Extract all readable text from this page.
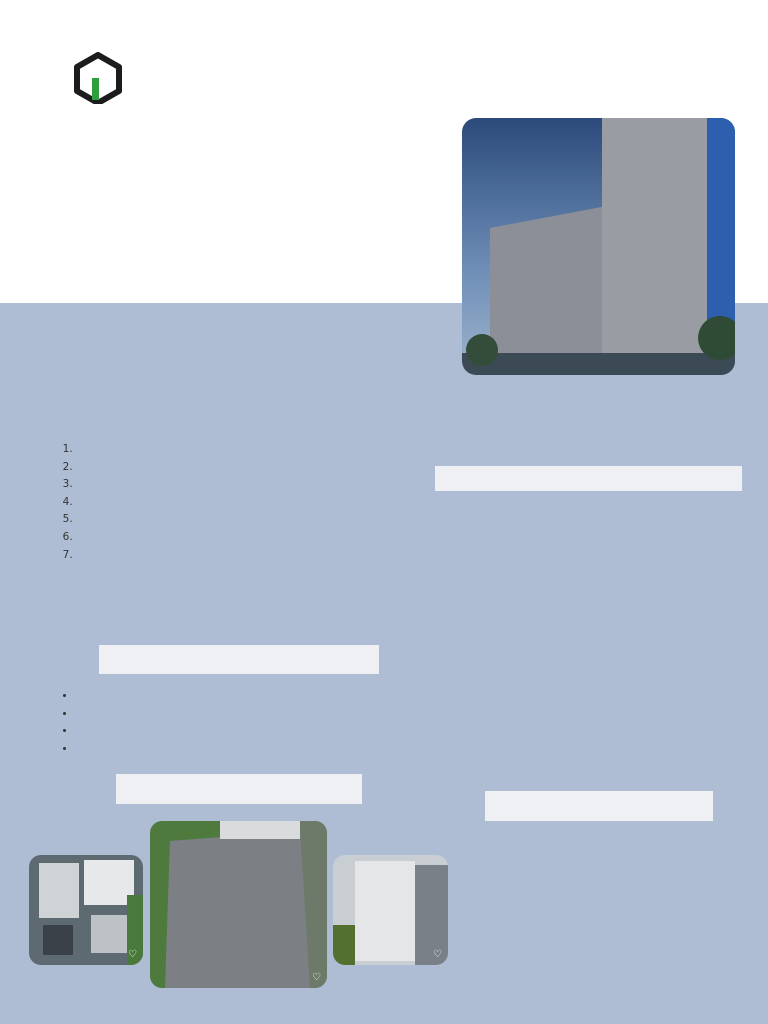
1.
2.
3.
4.
5.
6.
7.
♡
♡
♡
